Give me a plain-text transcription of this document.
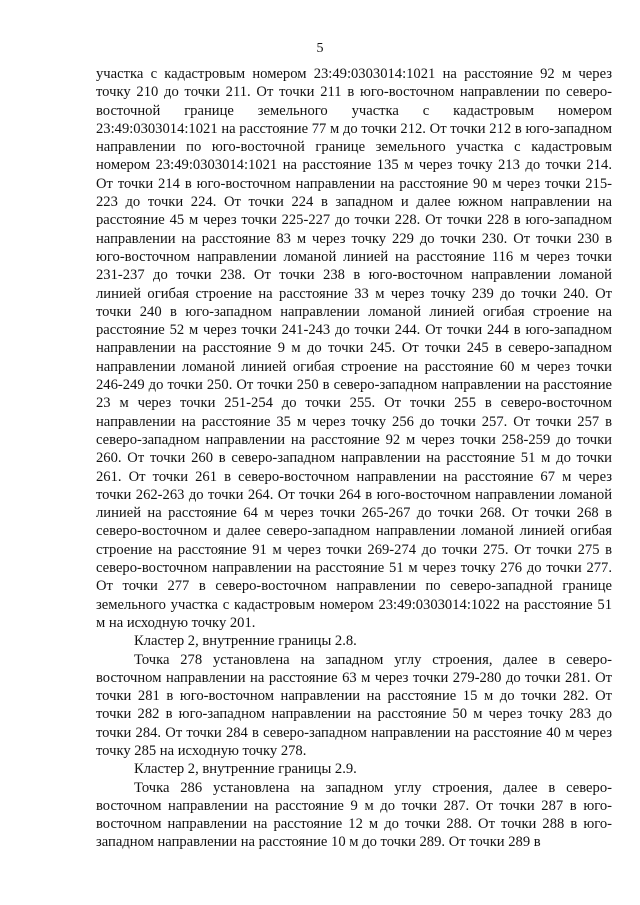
5

участка с кадастровым номером 23:49:0303014:1021 на расстояние 92 м через точку 210 до точки 211. От точки 211 в юго-восточном направлении по северо-восточной границе земельного участка с кадастровым номером 23:49:0303014:1021 на расстояние 77 м до точки 212. От точки 212 в юго-западном направлении по юго-восточной границе земельного участка с кадастровым номером 23:49:0303014:1021 на расстояние 135 м через точку 213 до точки 214. От точки 214 в юго-восточном направлении на расстояние 90 м через точки 215-223 до точки 224. От точки 224 в западном и далее южном направлении на расстояние 45 м через точки 225-227 до точки 228. От точки 228 в юго-западном направлении на расстояние 83 м через точку 229 до точки 230. От точки 230 в юго-восточном направлении ломаной линией на расстояние 116 м через точки 231-237 до точки 238. От точки 238 в юго-восточном направлении ломаной линией огибая строение на расстояние 33 м через точку 239 до точки 240. От точки 240 в юго-западном направлении ломаной линией огибая строение на расстояние 52 м через точки 241-243 до точки 244. От точки 244 в юго-западном направлении на расстояние 9 м до точки 245. От точки 245 в северо-западном направлении ломаной линией огибая строение на расстояние 60 м через точки 246-249 до точки 250. От точки 250 в северо-западном направлении на расстояние 23 м через точки 251-254 до точки 255. От точки 255 в северо-восточном направлении на расстояние 35 м через точку 256 до точки 257. От точки 257 в северо-западном направлении на расстояние 92 м через точки 258-259 до точки 260. От точки 260 в северо-западном направлении на расстояние 51 м до точки 261. От точки 261 в северо-восточном направлении на расстояние 67 м через точки 262-263 до точки 264. От точки 264 в юго-восточном направлении ломаной линией на расстояние 64 м через точки 265-267 до точки 268. От точки 268 в северо-восточном и далее северо-западном направлении ломаной линией огибая строение на расстояние 91 м через точки 269-274 до точки 275. От точки 275 в северо-восточном направлении на расстояние 51 м через точку 276 до точки 277. От точки 277 в северо-восточном направлении по северо-западной границе земельного участка с кадастровым номером 23:49:0303014:1022 на расстояние 51 м на исходную точку 201.

Кластер 2, внутренние границы 2.8.

Точка 278 установлена на западном углу строения, далее в северо-восточном направлении на расстояние 63 м через точки 279-280 до точки 281. От точки 281 в юго-восточном направлении на расстояние 15 м до точки 282. От точки 282 в юго-западном направлении на расстояние 50 м через точку 283 до точки 284. От точки 284 в северо-западном направлении на расстояние 40 м через точку 285 на исходную точку 278.

Кластер 2, внутренние границы 2.9.

Точка 286 установлена на западном углу строения, далее в северо-восточном направлении на расстояние 9 м до точки 287. От точки 287 в юго-восточном направлении на расстояние 12 м до точки 288. От точки 288 в юго-западном направлении на расстояние 10 м до точки 289. От точки 289 в
